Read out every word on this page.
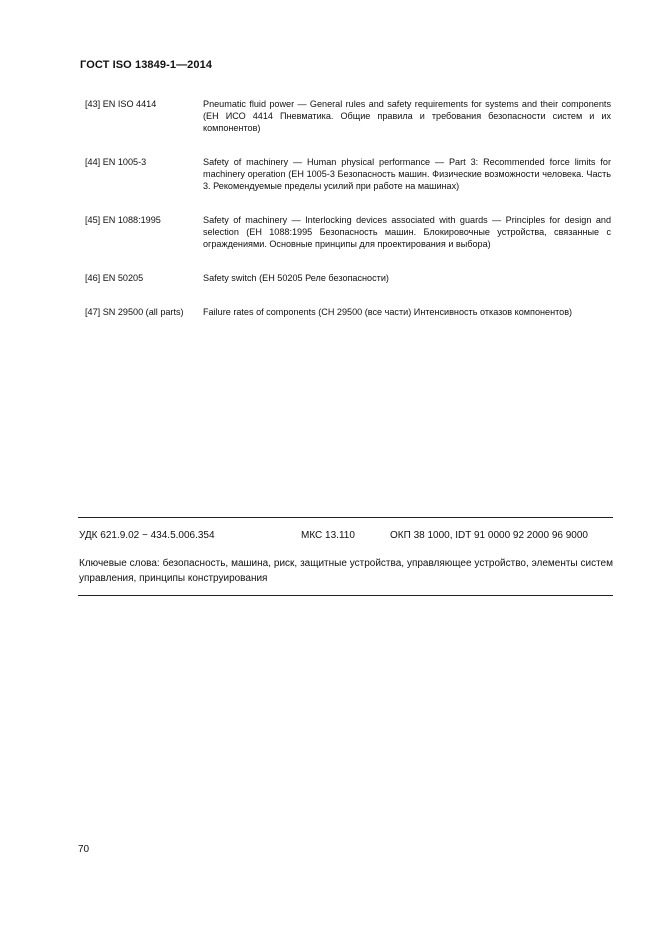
ГОСТ ISO 13849-1—2014
[43] EN ISO 4414	Pneumatic fluid power — General rules and safety requirements for systems and their components (ЕН ИСО 4414 Пневматика. Общие правила и требования безопасности систем и их компонентов)
[44] EN 1005-3	Safety of machinery — Human physical performance — Part 3: Recommended force limits for machinery operation (ЕН 1005-3 Безопасность машин. Физические возможности человека. Часть 3. Рекомендуемые пределы усилий при работе на машинах)
[45] EN 1088:1995	Safety of machinery — Interlocking devices associated with guards — Principles for design and selection (ЕН 1088:1995 Безопасность машин. Блокировочные устройства, связанные с ограждениями. Основные принципы для проектирования и выбора)
[46] EN 50205	Safety switch (ЕН 50205 Реле безопасности)
[47] SN 29500 (all parts)	Failure rates of components (СН 29500 (все части) Интенсивность отказов компонентов)
УДК 621.9.02 − 434.5.006.354	МКС 13.110	ОКП 38 1000, IDT 91 0000 92 2000 96 9000
Ключевые слова: безопасность, машина, риск, защитные устройства, управляющее устройство, элементы систем управления, принципы конструирования
70
